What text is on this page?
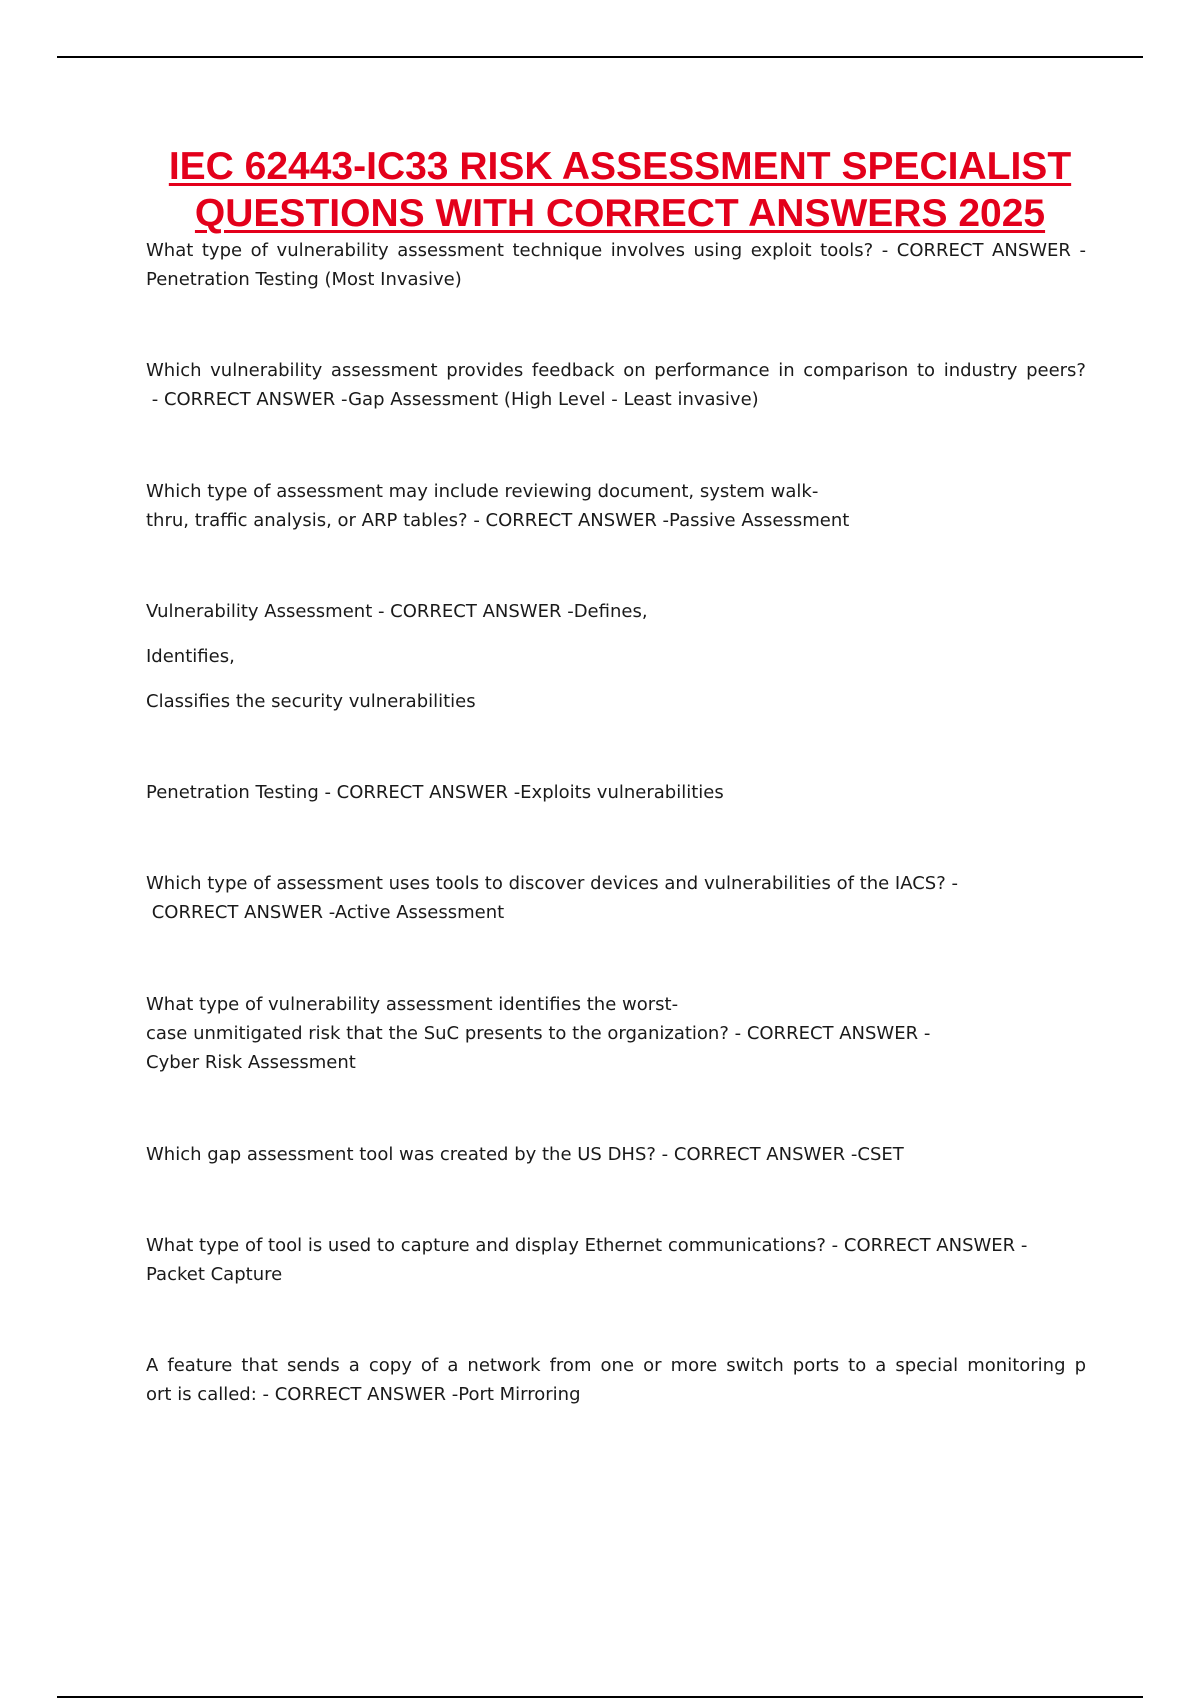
IEC 62443-IC33 RISK ASSESSMENT SPECIALIST
QUESTIONS WITH CORRECT ANSWERS 2025
What type of vulnerability assessment technique involves using exploit tools? - CORRECT ANSWER -
Penetration Testing (Most Invasive)
Which vulnerability assessment provides feedback on performance in comparison to industry peers?
- CORRECT ANSWER -Gap Assessment (High Level - Least invasive)
Which type of assessment may include reviewing document, system walk-
thru, traffic analysis, or ARP tables? - CORRECT ANSWER -Passive Assessment
Vulnerability Assessment - CORRECT ANSWER -Defines,
Identifies,
Classifies the security vulnerabilities
Penetration Testing - CORRECT ANSWER -Exploits vulnerabilities
Which type of assessment uses tools to discover devices and vulnerabilities of the IACS? -
CORRECT ANSWER -Active Assessment
What type of vulnerability assessment identifies the worst-
case unmitigated risk that the SuC presents to the organization? - CORRECT ANSWER -
Cyber Risk Assessment
Which gap assessment tool was created by the US DHS? - CORRECT ANSWER -CSET
What type of tool is used to capture and display Ethernet communications? - CORRECT ANSWER -
Packet Capture
A feature that sends a copy of a network from one or more switch ports to a special monitoring p
ort is called: - CORRECT ANSWER -Port Mirroring
